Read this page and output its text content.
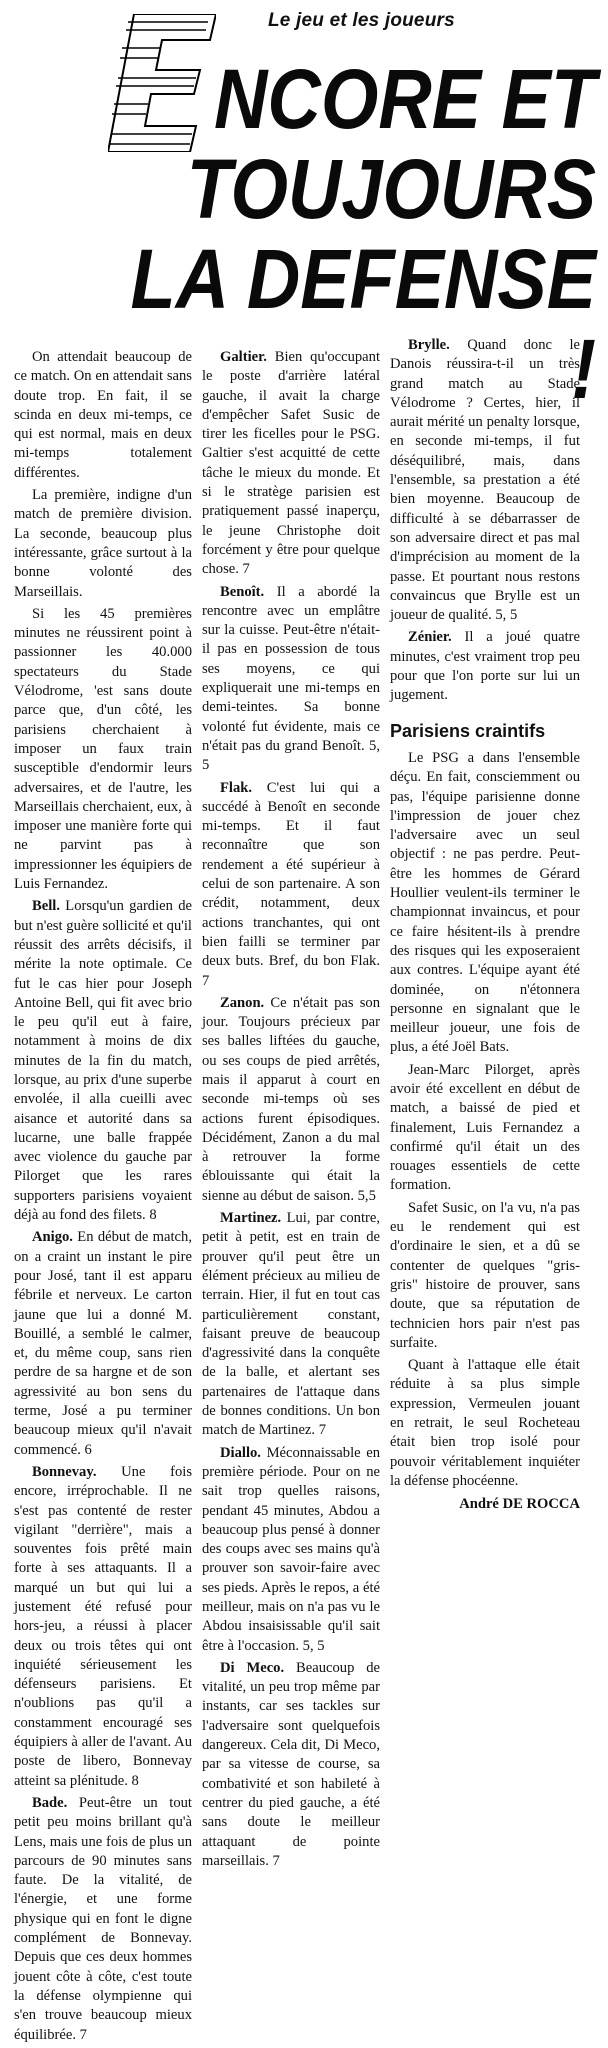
Le jeu et les joueurs
E
NCORE ET
TOUJOURS
LA DEFENSE !

On attendait beaucoup de ce match. On en attendait sans doute trop. En fait, il se scinda en deux mi-temps, ce qui est normal, mais en deux mi-temps totalement différentes.

La première, indigne d'un match de première division. La seconde, beaucoup plus intéressante, grâce surtout à la bonne volonté des Marseillais.

Si les 45 premières minutes ne réussirent point à passionner les 40.000 spectateurs du Stade Vélodrome, 'est sans doute parce que, d'un côté, les parisiens cherchaient à imposer un faux train susceptible d'endormir leurs adversaires, et de l'autre, les Marseillais cherchaient, eux, à imposer une manière forte qui ne parvint pas à impressionner les équipiers de Luis Fernandez.

Bell. Lorsqu'un gardien de but n'est guère sollicité et qu'il réussit des arrêts décisifs, il mérite la note optimale. Ce fut le cas hier pour Joseph Antoine Bell, qui fit avec brio le peu qu'il eut à faire, notamment à moins de dix minutes de la fin du match, lorsque, au prix d'une superbe envolée, il alla cueilli avec aisance et autorité dans sa lucarne, une balle frappée avec violence du gauche par Pilorget que les rares supporters parisiens voyaient déjà au fond des filets. 8

Anigo. En début de match, on a craint un instant le pire pour José, tant il est apparu fébrile et nerveux. Le carton jaune que lui a donné M. Bouillé, a semblé le calmer, et, du même coup, sans rien perdre de sa hargne et de son agressivité au bon sens du terme, José a pu terminer beaucoup mieux qu'il n'avait commencé. 6

Bonnevay. Une fois encore, irréprochable. Il ne s'est pas contenté de rester vigilant "derrière", mais a souventes fois prêté main forte à ses attaquants. Il a marqué un but qui lui a justement été refusé pour hors-jeu, a réussi à placer deux ou trois têtes qui ont inquiété sérieusement les défenseurs parisiens. Et n'oublions pas qu'il a constamment encouragé ses équipiers à aller de l'avant. Au poste de libero, Bonnevay atteint sa plénitude. 8

Bade. Peut-être un tout petit peu moins brillant qu'à Lens, mais une fois de plus un parcours de 90 minutes sans faute. De la vitalité, de l'énergie, et une forme physique qui en font le digne complément de Bonnevay. Depuis que ces deux hommes jouent côte à côte, c'est toute la défense olympienne qui s'en trouve beaucoup mieux équilibrée. 7

Galtier. Bien qu'occupant le poste d'arrière latéral gauche, il avait la charge d'empêcher Safet Susic de tirer les ficelles pour le PSG. Galtier s'est acquitté de cette tâche le mieux du monde. Et si le stratège parisien est pratiquement passé inaperçu, le jeune Christophe doit forcément y être pour quelque chose. 7

Benoît. Il a abordé la rencontre avec un emplâtre sur la cuisse. Peut-être n'était-il pas en possession de tous ses moyens, ce qui expliquerait une mi-temps en demi-teintes. Sa bonne volonté fut évidente, mais ce n'était pas du grand Benoît. 5, 5

Flak. C'est lui qui a succédé à Benoît en seconde mi-temps. Et il faut reconnaître que son rendement a été supérieur à celui de son partenaire. A son crédit, notamment, deux actions tranchantes, qui ont bien failli se terminer par deux buts. Bref, du bon Flak. 7

Zanon. Ce n'était pas son jour. Toujours précieux par ses balles liftées du gauche, ou ses coups de pied arrêtés, mais il apparut à court en seconde mi-temps où ses actions furent épisodiques. Décidément, Zanon a du mal à retrouver la forme éblouissante qui était la sienne au début de saison. 5,5

Martinez. Lui, par contre, petit à petit, est en train de prouver qu'il peut être un élément précieux au milieu de terrain. Hier, il fut en tout cas particulièrement constant, faisant preuve de beaucoup d'agressivité dans la conquête de la balle, et alertant ses partenaires de l'attaque dans de bonnes conditions. Un bon match de Martinez. 7

Diallo. Méconnaissable en première période. Pour on ne sait trop quelles raisons, pendant 45 minutes, Abdou a beaucoup plus pensé à donner des coups avec ses mains qu'à prouver son savoir-faire avec ses pieds. Après le repos, a été meilleur, mais on n'a pas vu le Abdou insaisissable qu'il sait être à l'occasion. 5, 5

Di Meco. Beaucoup de vitalité, un peu trop même par instants, car ses tackles sur l'adversaire sont quelquefois dangereux. Cela dit, Di Meco, par sa vitesse de course, sa combativité et son habileté à centrer du pied gauche, a été sans doute le meilleur attaquant de pointe marseillais. 7

Brylle. Quand donc le Danois réussira-t-il un très grand match au Stade Vélodrome ? Certes, hier, il aurait mérité un penalty lorsque, en seconde mi-temps, il fut déséquilibré, mais, dans l'ensemble, sa prestation a été bien moyenne. Beaucoup de difficulté à se débarrasser de son adversaire direct et pas mal d'imprécision au moment de la passe. Et pourtant nous restons convaincus que Brylle est un joueur de qualité. 5, 5

Zénier. Il a joué quatre minutes, c'est vraiment trop peu pour que l'on porte sur lui un jugement.

Parisiens craintifs

Le PSG a dans l'ensemble déçu. En fait, consciemment ou pas, l'équipe parisienne donne l'impression de jouer chez l'adversaire avec un seul objectif : ne pas perdre. Peut-être les hommes de Gérard Houllier veulent-ils terminer le championnat invaincus, et pour ce faire hésitent-ils à prendre des risques qui les exposeraient aux contres. L'équipe ayant été dominée, on n'étonnera personne en signalant que le meilleur joueur, une fois de plus, a été Joël Bats.

Jean-Marc Pilorget, après avoir été excellent en début de match, a baissé de pied et finalement, Luis Fernandez a confirmé qu'il était un des rouages essentiels de cette formation.

Safet Susic, on l'a vu, n'a pas eu le rendement qui est d'ordinaire le sien, et a dû se contenter de quelques "gris-gris" histoire de prouver, sans doute, que sa réputation de technicien hors pair n'est pas surfaite.

Quant à l'attaque elle était réduite à sa plus simple expression, Vermeulen jouant en retrait, le seul Rocheteau était bien trop isolé pour pouvoir véritablement inquiéter la défense phocéenne.

André DE ROCCA
